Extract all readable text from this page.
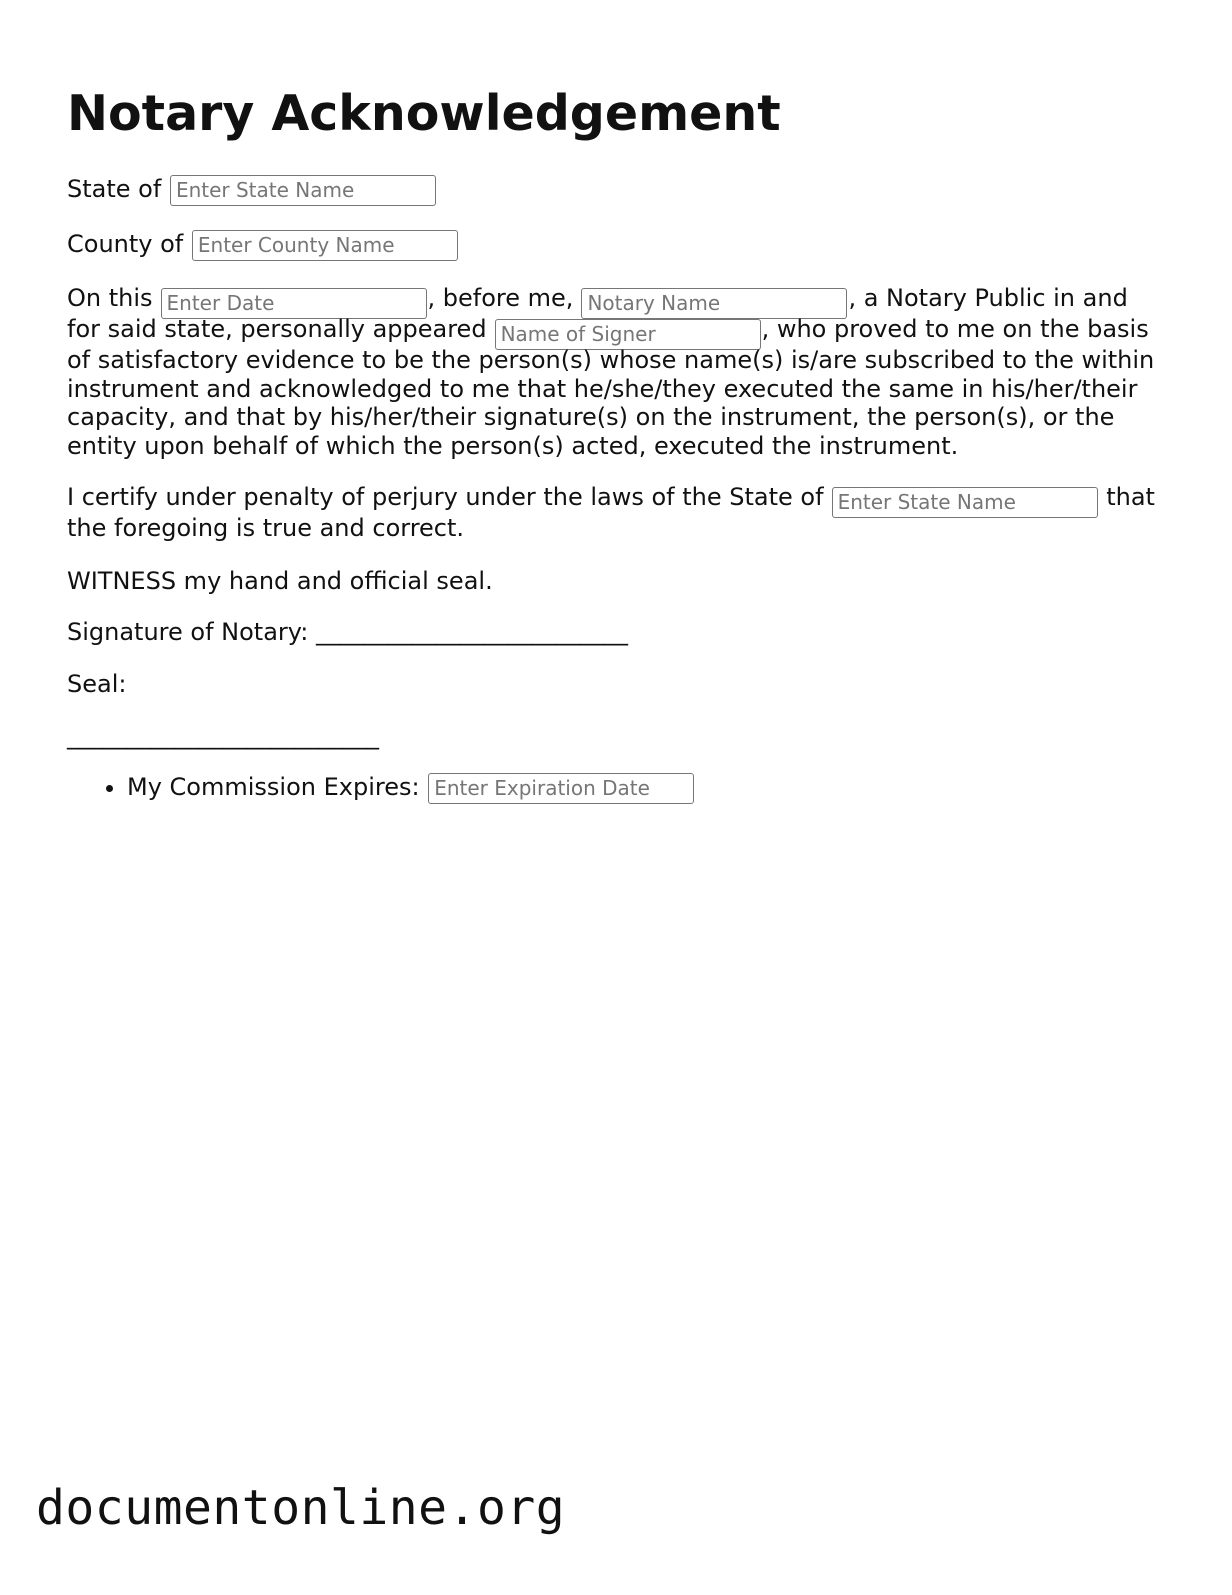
Notary Acknowledgement
State of Enter State Name
County of Enter County Name
On thisEnter Date	, before me,Notary Name	, a Notary Public in and
for said state, personally appearedName of Signer	, who proved to me on the basis
of satisfactory evidence to be the person(s) whose name(s) is/are subscribed to the within
instrument and acknowledged to me that he/she/they executed the same in his/her/their
capacity, and that by his/her/their signature(s) on the instrument, the person(s), or the
entity upon behalf of which the person(s) acted, executed the instrument.
I certify under penalty of perjury under the laws of the State ofEnter State Name	that
the foregoing is true and correct.
WITNESS my hand and official seal.
Signature of Notary: __________________________
Seal:
__________________________
• My Commission Expires: Enter Expiration Date
documentonline.org
